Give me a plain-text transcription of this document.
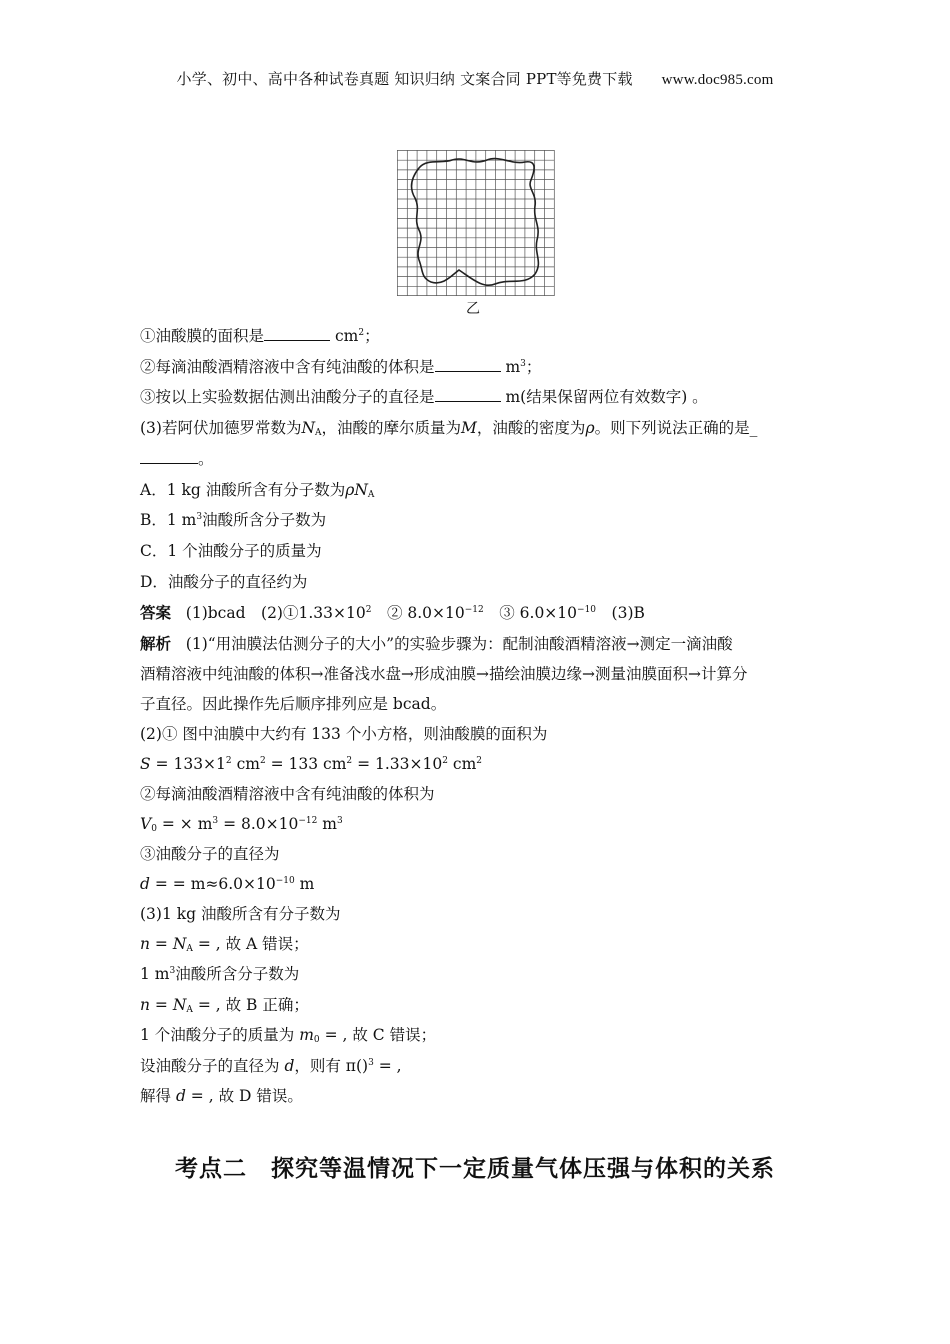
小学、初中、高中各种试卷真题 知识归纳 文案合同 PPT等免费下载 www.doc985.com
乙
①油酸膜的面积是	$cm^2$；
②每滴油酸酒精溶液中含有纯油酸的体积是	$m^3$；
③按以上实验数据估测出油酸分子的直径是	m(结果保留两位有效数字) 。
(3)若阿伏加德罗常数为$N_A$，油酸的摩尔质量为M，油酸的密度为ρ。则下列说法正确的是_
。
A．1 kg 油酸所含有分子数为$\rho N_A$
B．1 $m^3$油酸所含分子数为
C．1 个油酸分子的质量为
D．油酸分子的直径约为
答案 (1)bcad　$(2)①1.33\times 10^2$　② $8.0\times 10^{-12}$　③ $6.0\times 10^{-10}$　(3)B
解析 (1)“用油膜法估测分子的大小”的实验步骤为：配制油酸酒精溶液→测定一滴油酸
酒精溶液中纯油酸的体积→准备浅水盘→形成油膜→描绘油膜边缘→测量油膜面积→计算分
子直径。因此操作先后顺序排列应是 bcad。
(2)① 图中油膜中大约有 133 个小方格，则油酸膜的面积为
$S = 133\times 1^2$ $cm^2 = 133$ $cm^2 = 1.33\times 10^2$ $cm^2$
②每滴油酸酒精溶液中含有纯油酸的体积为
$V_0$ = × $m^3 = 8.0\times 10^{-12}$ $m^3$
③油酸分子的直径为
d = = $m\approx 6.0\times 10^{-10}$ m
(3)1 kg 油酸所含有分子数为
$n = N_A$ = , 故 A 错误；
1 $m^3$油酸所含分子数为
$n = N_A$ = , 故 B 正确；
1 个油酸分子的质量为 $m_0$ = , 故 C 错误；
设油酸分子的直径为 d，则有 π()$^3$ = ,
解得 d = , 故 D 错误。
考点二　探究等温情况下一定质量气体压强与体积的关系
